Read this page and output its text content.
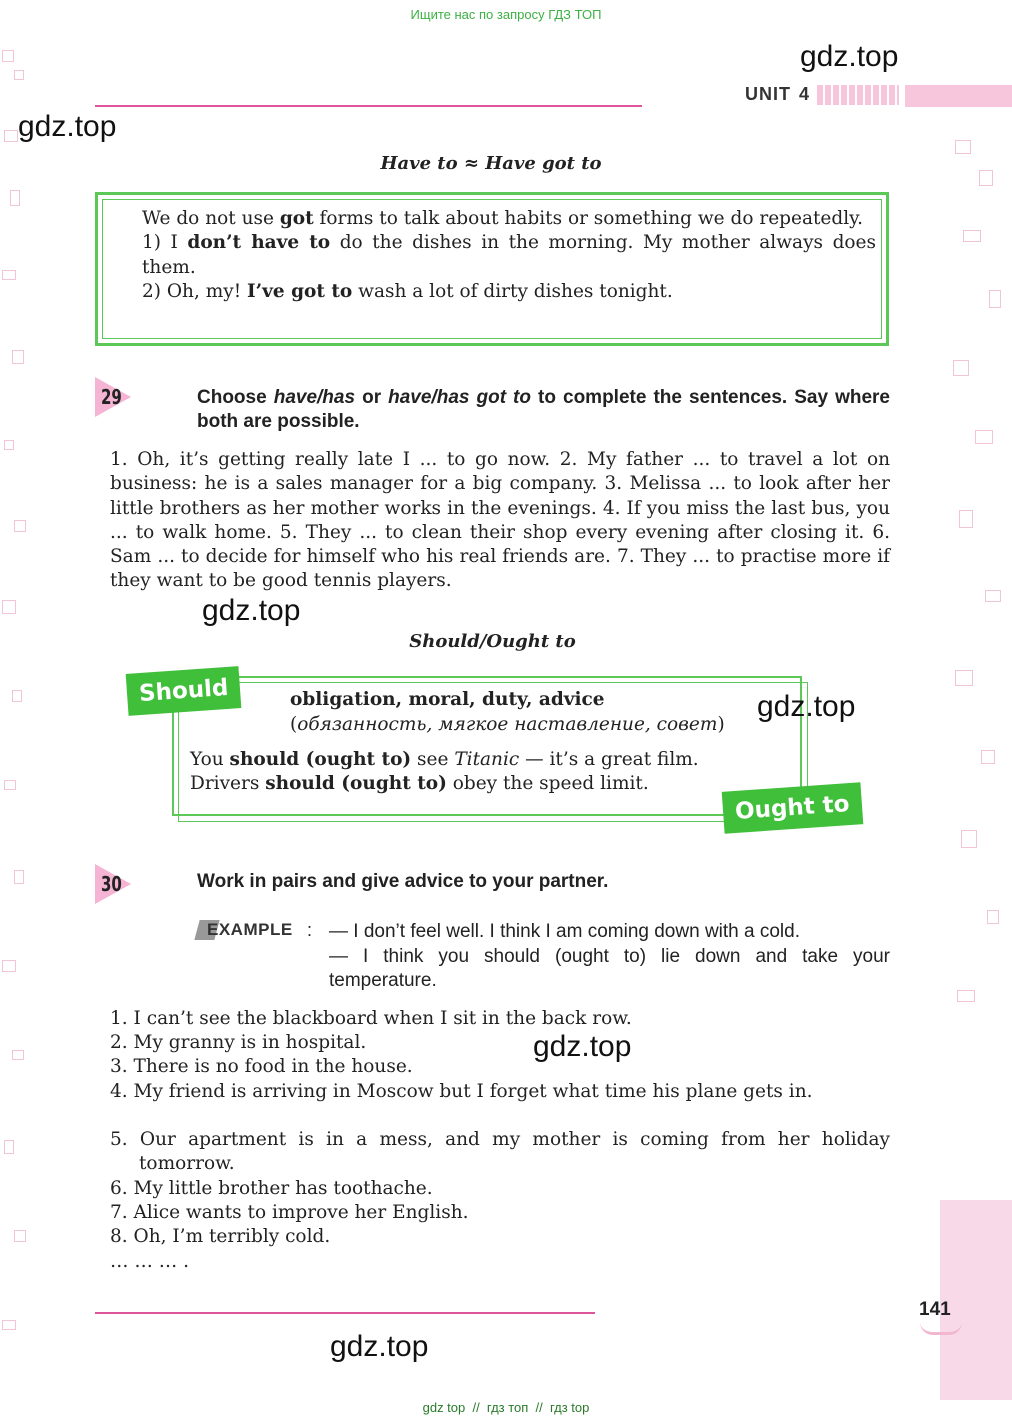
Ищите нас по запросу ГДЗ ТОП
gdz.top
UNIT 4
gdz.top
Have to ≈ Have got to
We do not use got forms to talk about habits or something we do repeatedly.
1) I don’t have to do the dishes in the morning. My mother always does them.
2) Oh, my! I’ve got to wash a lot of dirty dishes tonight.
29	Choose have/has or have/has got to to complete the sentences. Say where both are possible.
1. Oh, it’s getting really late I ... to go now. 2. My father ... to travel a lot on business: he is a sales manager for a big company. 3. Melissa ... to look after her little brothers as her mother works in the evenings. 4. If you miss the last bus, you ... to walk home. 5. They ... to clean their shop every evening after closing it. 6. Sam ... to decide for himself who his real friends are. 7. They ... to practise more if they want to be good tennis players.
gdz.top
Should/Ought to
Should	obligation, moral, duty, advice
(обязанность, мягкое наставление, совет)
gdz.top
You should (ought to) see Titanic — it’s a great film.
Drivers should (ought to) obey the speed limit.
Ought to
30	Work in pairs and give advice to your partner.
EXAMPLE : — I don’t feel well. I think I am coming down with a cold.
— I think you should (ought to) lie down and take your temperature.
1. I can’t see the blackboard when I sit in the back row.
2. My granny is in hospital.
3. There is no food in the house.
4. My friend is arriving in Moscow but I forget what time his plane gets in.
5. Our apartment is in a mess, and my mother is coming from her holiday tomorrow.
6. My little brother has toothache.
7. Alice wants to improve her English.
8. Oh, I’m terribly cold.
… … … .
gdz.top
141
gdz.top
gdz top  //  гдз топ  //  гдз top
